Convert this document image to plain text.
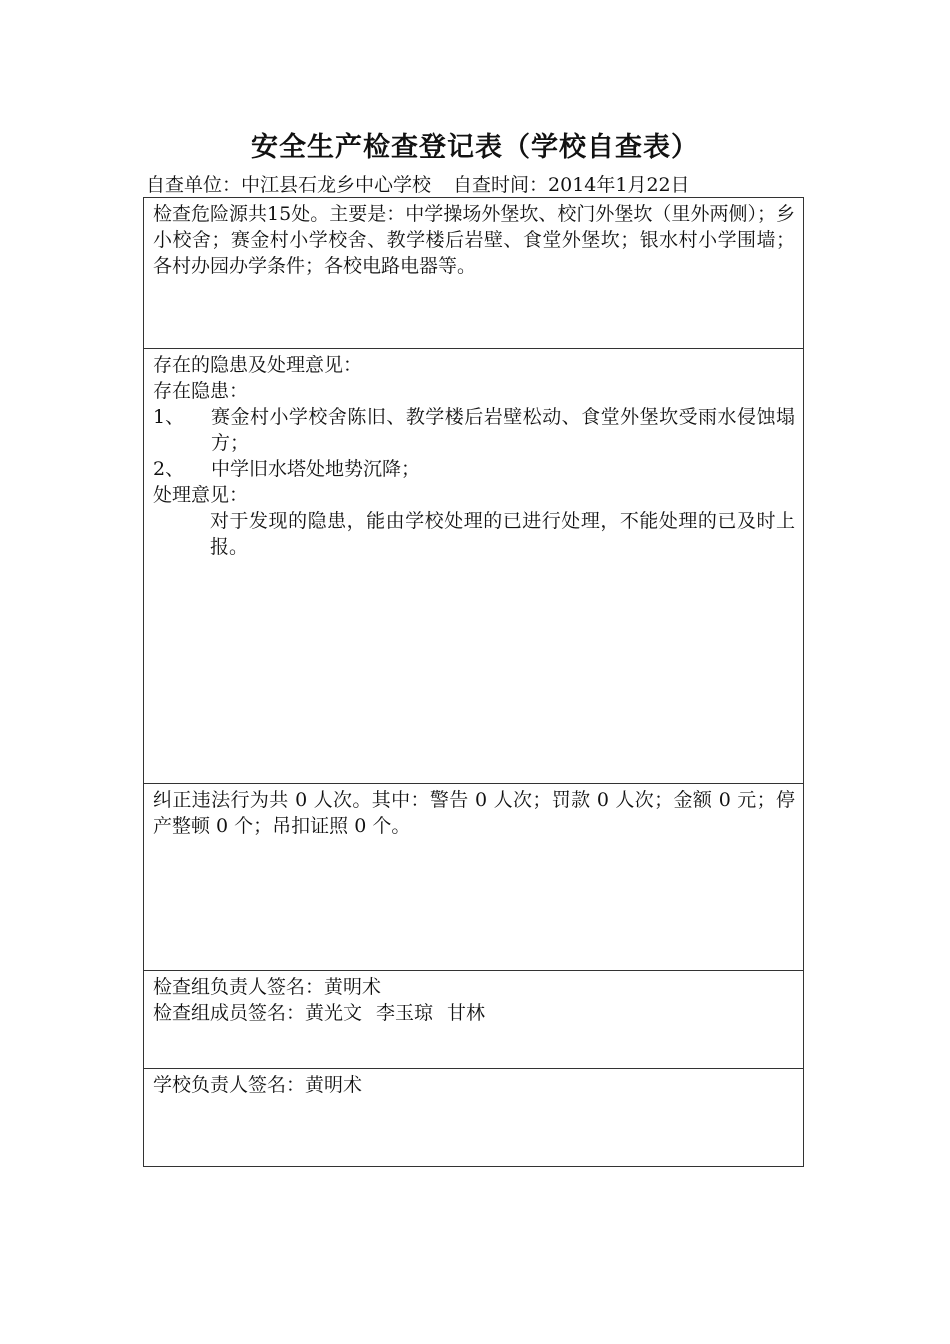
安全生产检查登记表（学校自查表）
自查单位：中江县石龙乡中心学校 自查时间：2014年1月22日
检查危险源共15处。主要是：中学操场外堡坎、校门外堡坎（里外两侧）；乡小校舍；赛金村小学校舍、教学楼后岩壁、食堂外堡坎；银水村小学围墙；各村办园办学条件；各校电路电器等。
存在的隐患及处理意见：
存在隐患：
1、	赛金村小学校舍陈旧、教学楼后岩壁松动、食堂外堡坎受雨水侵蚀塌方；
2、	中学旧水塔处地势沉降；
处理意见：
对于发现的隐患，能由学校处理的已进行处理，不能处理的已及时上报。
纠正违法行为共 0 人次。其中：警告 0 人次；罚款 0 人次；金额 0 元；停产整顿 0 个；吊扣证照 0 个。
检查组负责人签名：黄明术
检查组成员签名：黄光文 李玉琼 甘林
学校负责人签名：黄明术
